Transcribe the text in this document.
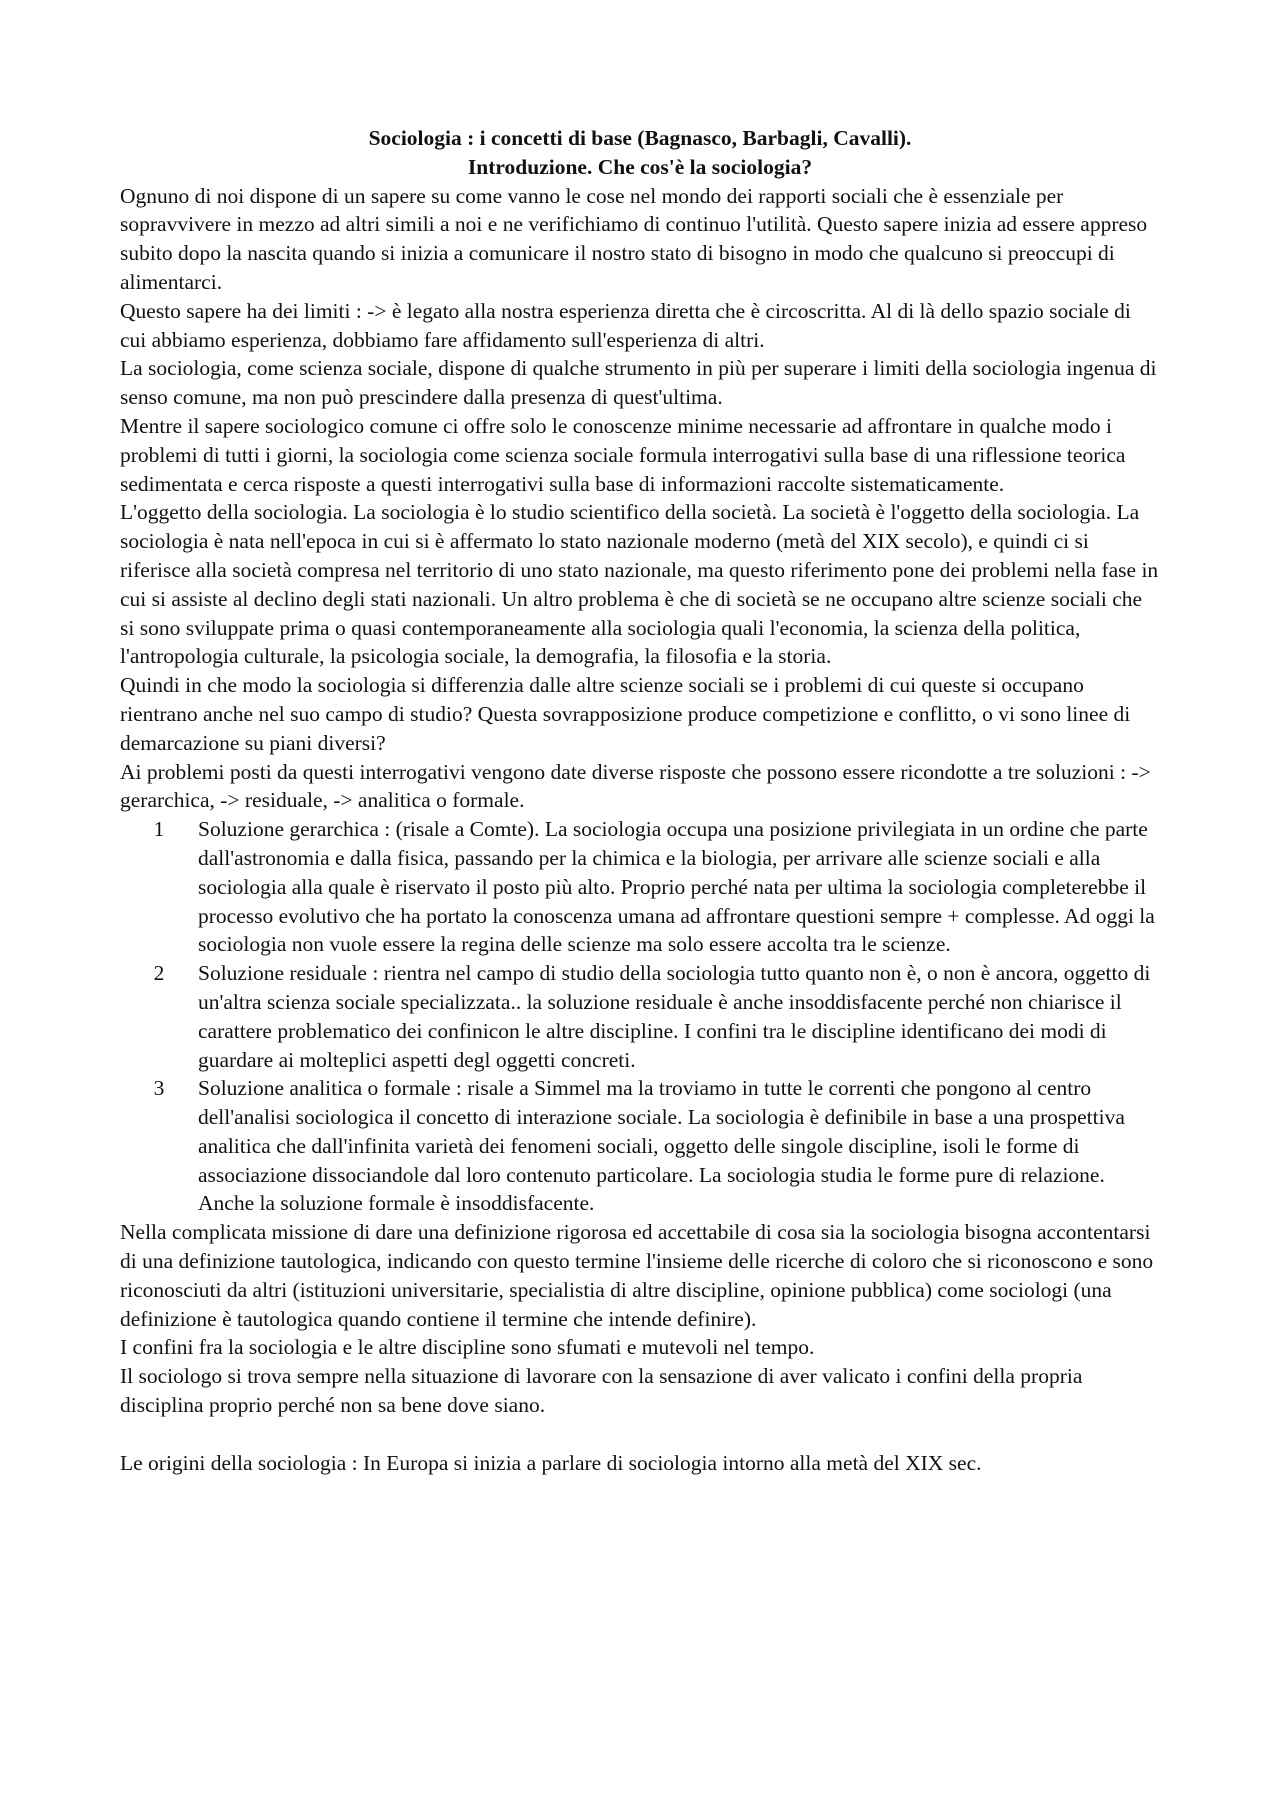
Sociologia : i concetti di base (Bagnasco, Barbagli, Cavalli).

Introduzione. Che cos'è la sociologia?

Ognuno di noi dispone di un sapere su come vanno le cose nel mondo dei rapporti sociali che è essenziale per sopravvivere in mezzo ad altri simili a noi e ne verifichiamo di continuo l'utilità. Questo sapere inizia ad essere appreso subito dopo la nascita quando si inizia a comunicare il nostro stato di bisogno in modo che qualcuno si preoccupi di alimentarci.

Questo sapere ha dei limiti : -> è legato alla nostra esperienza diretta che è circoscritta. Al di là dello spazio sociale di cui abbiamo esperienza, dobbiamo fare affidamento sull'esperienza di altri.

La sociologia, come scienza sociale, dispone di qualche strumento in più per superare i limiti della sociologia ingenua di senso comune, ma non può prescindere dalla presenza di quest'ultima.

Mentre il sapere sociologico comune ci offre solo le conoscenze minime necessarie ad affrontare in qualche modo i problemi di tutti i giorni, la sociologia come scienza sociale formula interrogativi sulla base di una riflessione teorica sedimentata e cerca risposte a questi interrogativi sulla base di informazioni raccolte sistematicamente.

L'oggetto della sociologia. La sociologia è lo studio scientifico della società. La società è l'oggetto della sociologia. La sociologia è nata nell'epoca in cui si è affermato lo stato nazionale moderno (metà del XIX secolo), e quindi ci si riferisce alla società compresa nel territorio di uno stato nazionale, ma questo riferimento pone dei problemi nella fase in cui si assiste al declino degli stati nazionali. Un altro problema è che di società se ne occupano altre scienze sociali che si sono sviluppate prima o quasi contemporaneamente alla sociologia quali l'economia, la scienza della politica, l'antropologia culturale, la psicologia sociale, la demografia, la filosofia e la storia.

Quindi in che modo la sociologia si differenzia dalle altre scienze sociali se i problemi di cui queste si occupano rientrano anche nel suo campo di studio? Questa sovrapposizione produce competizione e conflitto, o vi sono linee di demarcazione su piani diversi?

Ai problemi posti da questi interrogativi vengono date diverse risposte che possono essere ricondotte a tre soluzioni : -> gerarchica, -> residuale, -> analitica o formale.

1	Soluzione gerarchica : (risale a Comte). La sociologia occupa una posizione privilegiata in un ordine che parte dall'astronomia e dalla fisica, passando per la chimica e la biologia, per arrivare alle scienze sociali e alla sociologia alla quale è riservato il posto più alto. Proprio perché nata per ultima la sociologia completerebbe il processo evolutivo che ha portato la conoscenza umana ad affrontare questioni sempre + complesse. Ad oggi la sociologia non vuole essere la regina delle scienze ma solo essere accolta tra le scienze.
2	Soluzione residuale : rientra nel campo di studio della sociologia tutto quanto non è, o non è ancora, oggetto di un'altra scienza sociale specializzata.. la soluzione residuale è anche insoddisfacente perché non chiarisce il carattere problematico dei confinicon le altre discipline. I confini tra le discipline identificano dei modi di guardare ai molteplici aspetti degl oggetti concreti.
3	Soluzione analitica o formale : risale a Simmel ma la troviamo in tutte le correnti che pongono al centro dell'analisi sociologica il concetto di interazione sociale. La sociologia è definibile in base a una prospettiva analitica che dall'infinita varietà dei fenomeni sociali, oggetto delle singole discipline, isoli le forme di associazione dissociandole dal loro contenuto particolare. La sociologia studia le forme pure di relazione.

Anche la soluzione formale è insoddisfacente.

Nella complicata missione di dare una definizione rigorosa ed accettabile di cosa sia la sociologia bisogna accontentarsi di una definizione tautologica, indicando con questo termine l'insieme delle ricerche di coloro che si riconoscono e sono riconosciuti da altri (istituzioni universitarie, specialistia di altre discipline, opinione pubblica) come sociologi (una definizione è tautologica quando contiene il termine che intende definire).

I confini fra la sociologia e le altre discipline sono sfumati e mutevoli nel tempo.

Il sociologo si trova sempre nella situazione di lavorare con la sensazione di aver valicato i confini della propria disciplina proprio perché non sa bene dove siano.

Le origini della sociologia : In Europa si inizia a parlare di sociologia intorno alla metà del XIX sec.
